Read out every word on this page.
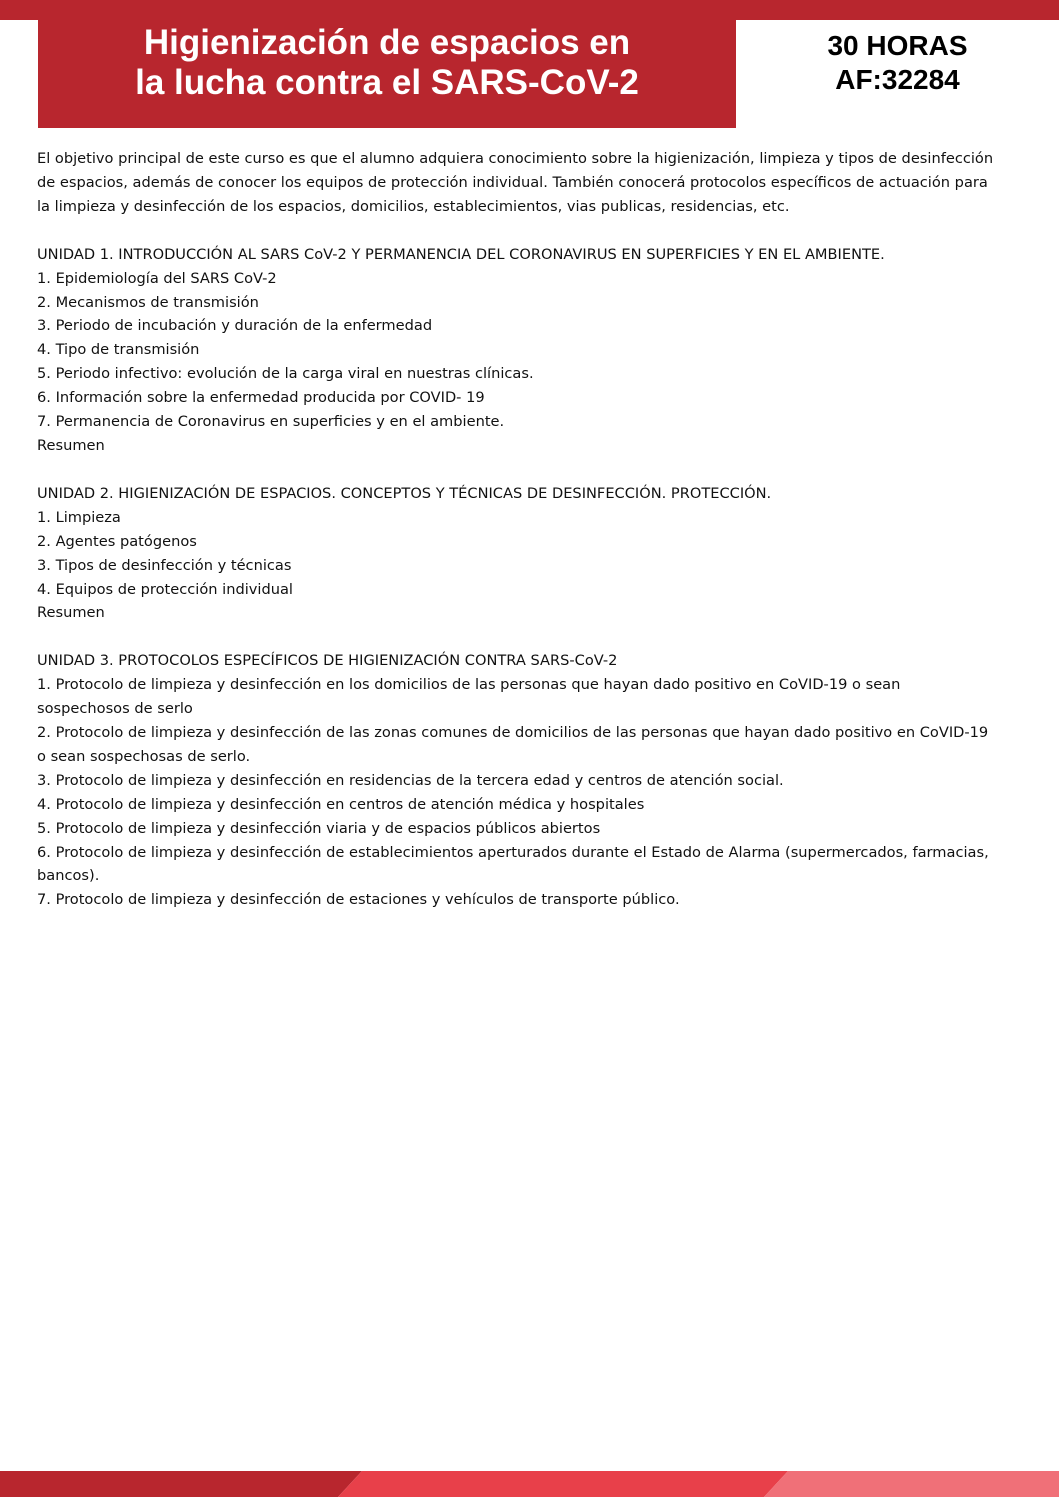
Higienización de espacios en
la lucha contra el SARS-CoV-2
30 HORAS
AF:32284

El objetivo principal de este curso es que el alumno adquiera conocimiento sobre la higienización, limpieza y tipos de desinfección de espacios, además de conocer los equipos de protección individual. También conocerá protocolos específicos de actuación para la limpieza y desinfección de los espacios, domicilios, establecimientos, vias publicas, residencias, etc.

UNIDAD 1. INTRODUCCIÓN AL SARS CoV-2 Y PERMANENCIA DEL CORONAVIRUS EN SUPERFICIES Y EN EL AMBIENTE.

1. Epidemiología del SARS CoV-2

2. Mecanismos de transmisión

3. Periodo de incubación y duración de la enfermedad

4. Tipo de transmisión

5. Periodo infectivo: evolución de la carga viral en nuestras clínicas.

6. Información sobre la enfermedad producida por COVID- 19

7. Permanencia de Coronavirus en superficies y en el ambiente.

Resumen

UNIDAD 2. HIGIENIZACIÓN DE ESPACIOS. CONCEPTOS Y TÉCNICAS DE DESINFECCIÓN. PROTECCIÓN.

1. Limpieza

2. Agentes patógenos

3. Tipos de desinfección y técnicas

4. Equipos de protección individual

Resumen

UNIDAD 3. PROTOCOLOS ESPECÍFICOS DE HIGIENIZACIÓN CONTRA SARS-CoV-2

1. Protocolo de limpieza y desinfección en los domicilios de las personas que hayan dado positivo en CoVID-19 o sean sospechosos de serlo

2. Protocolo de limpieza y desinfección de las zonas comunes de domicilios de las personas que hayan dado positivo en CoVID-19 o sean sospechosas de serlo.

3. Protocolo de limpieza y desinfección en residencias de la tercera edad y centros de atención social.

4. Protocolo de limpieza y desinfección en centros de atención médica y hospitales

5. Protocolo de limpieza y desinfección viaria y de espacios públicos abiertos

6. Protocolo de limpieza y desinfección de establecimientos aperturados durante el Estado de Alarma (supermercados, farmacias, bancos).

7. Protocolo de limpieza y desinfección de estaciones y vehículos de transporte público.
